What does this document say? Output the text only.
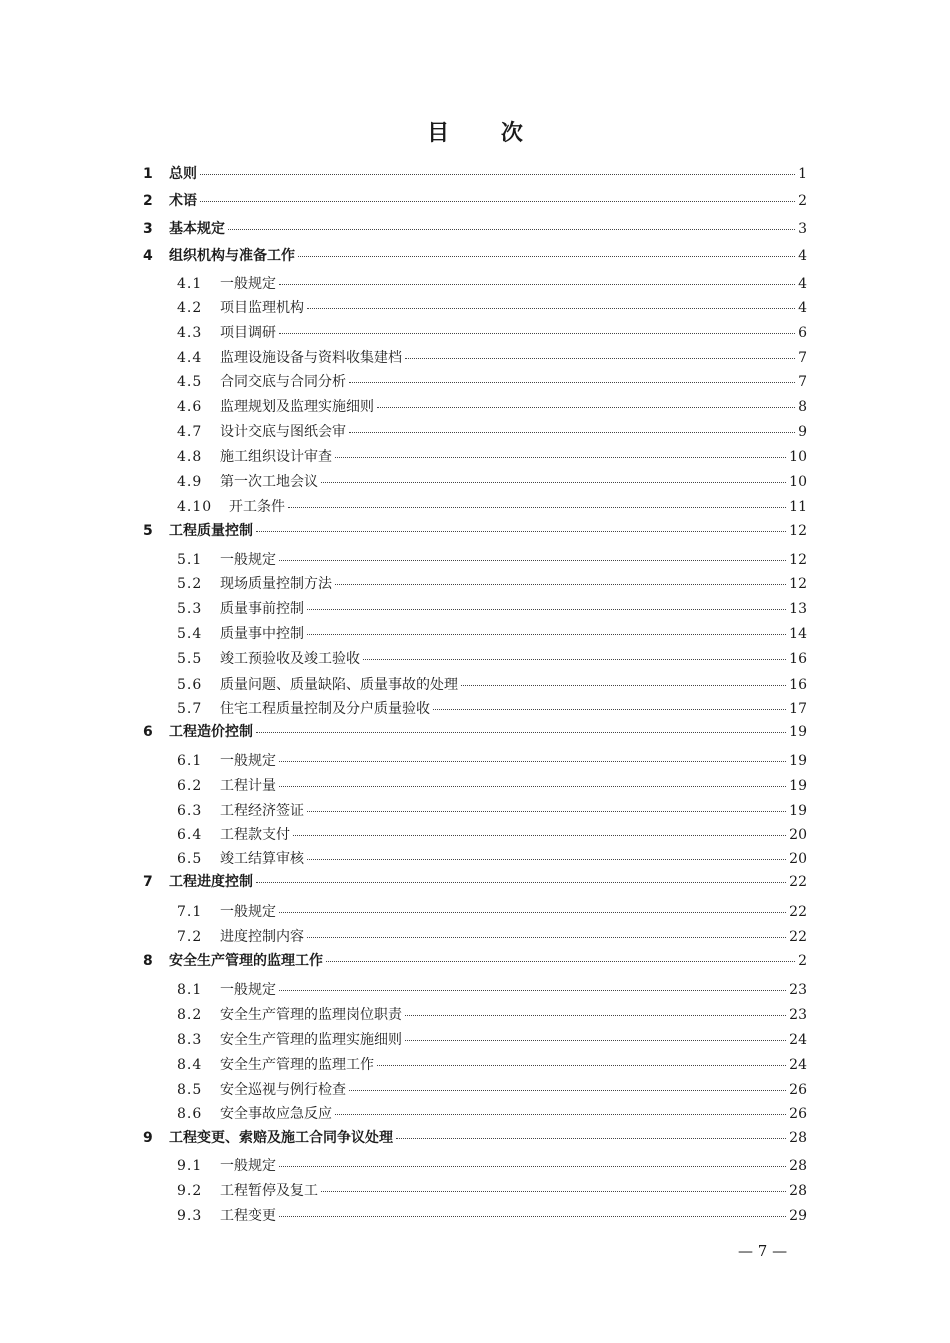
目 次
1	总则	1
2	术语	2
3	基本规定	3
4	组织机构与准备工作	4
4.1	一般规定	4
4.2	项目监理机构	4
4.3	项目调研	6
4.4	监理设施设备与资料收集建档	7
4.5	合同交底与合同分析	7
4.6	监理规划及监理实施细则	8
4.7	设计交底与图纸会审	9
4.8	施工组织设计审查	10
4.9	第一次工地会议	10
4.10	开工条件	11
5	工程质量控制	12
5.1	一般规定	12
5.2	现场质量控制方法	12
5.3	质量事前控制	13
5.4	质量事中控制	14
5.5	竣工预验收及竣工验收	16
5.6	质量问题、质量缺陷、质量事故的处理	16
5.7	住宅工程质量控制及分户质量验收	17
6	工程造价控制	19
6.1	一般规定	19
6.2	工程计量	19
6.3	工程经济签证	19
6.4	工程款支付	20
6.5	竣工结算审核	20
7	工程进度控制	22
7.1	一般规定	22
7.2	进度控制内容	22
8	安全生产管理的监理工作	2
8.1	一般规定	23
8.2	安全生产管理的监理岗位职责	23
8.3	安全生产管理的监理实施细则	24
8.4	安全生产管理的监理工作	24
8.5	安全巡视与例行检查	26
8.6	安全事故应急反应	26
9	工程变更、索赔及施工合同争议处理	28
9.1	一般规定	28
9.2	工程暂停及复工	28
9.3	工程变更	29
— 7 —
